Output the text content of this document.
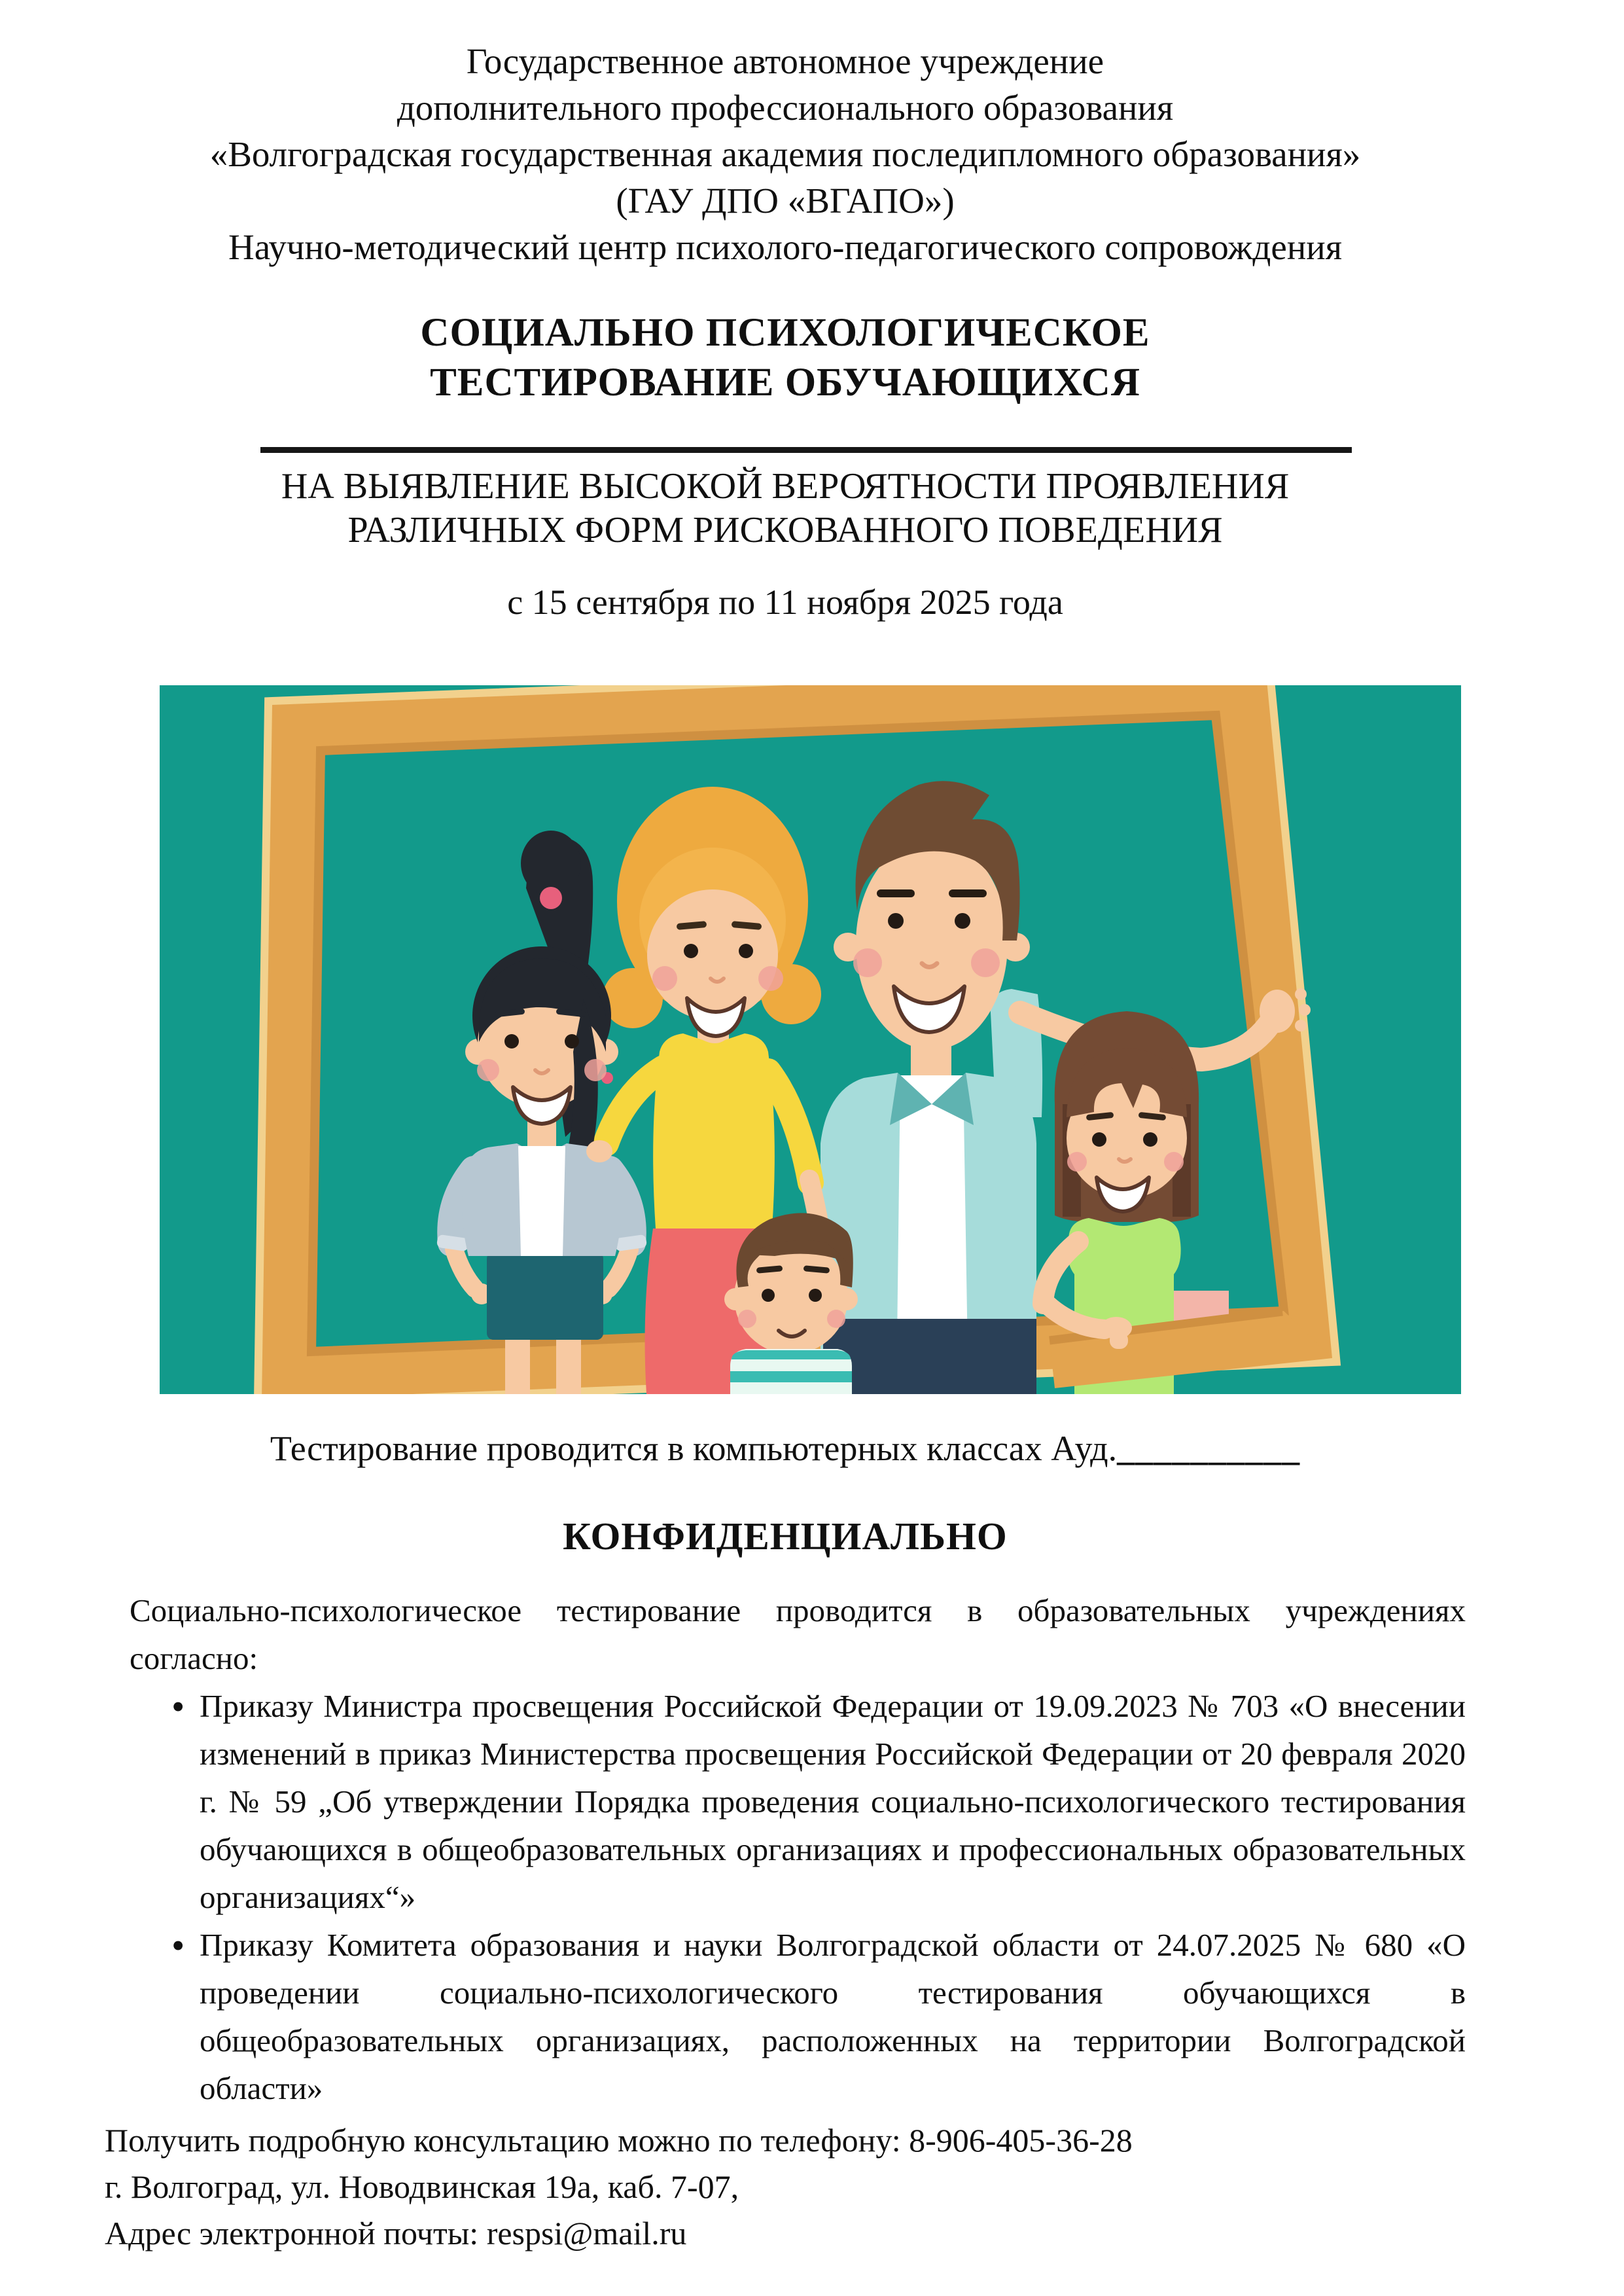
Государственное автономное учреждение
дополнительного профессионального образования
«Волгоградская государственная академия последипломного образования»
(ГАУ ДПО «ВГАПО»)
Научно-методический центр психолого-педагогического сопровождения
СОЦИАЛЬНО ПСИХОЛОГИЧЕСКОЕ
ТЕСТИРОВАНИЕ ОБУЧАЮЩИХСЯ
НА ВЫЯВЛЕНИЕ ВЫСОКОЙ ВЕРОЯТНОСТИ ПРОЯВЛЕНИЯ
РАЗЛИЧНЫХ ФОРМ РИСКОВАННОГО ПОВЕДЕНИЯ
с 15 сентября по 11 ноября 2025 года
Тестирование проводится в компьютерных классах Ауд.__________
КОНФИДЕНЦИАЛЬНО
Социально-психологическое тестирование проводится в образовательных учреждениях согласно:
• Приказу Министра просвещения Российской Федерации от 19.09.2023 № 703 «О внесении
изменений в приказ Министерства просвещения Российской Федерации от 20 февраля 2020
г. № 59 „Об утверждении Порядка проведения социально-психологического тестирования
обучающихся в общеобразовательных организациях и профессиональных образовательных
организациях“»
• Приказу Комитета образования и науки Волгоградской области от 24.07.2025 № 680 «О
проведении социально-психологического тестирования обучающихся в
общеобразовательных организациях, расположенных на территории Волгоградской
области»
Получить подробную консультацию можно по телефону: 8-906-405-36-28
г. Волгоград, ул. Новодвинская 19а, каб. 7-07,
Адрес электронной почты: respsi@mail.ru
